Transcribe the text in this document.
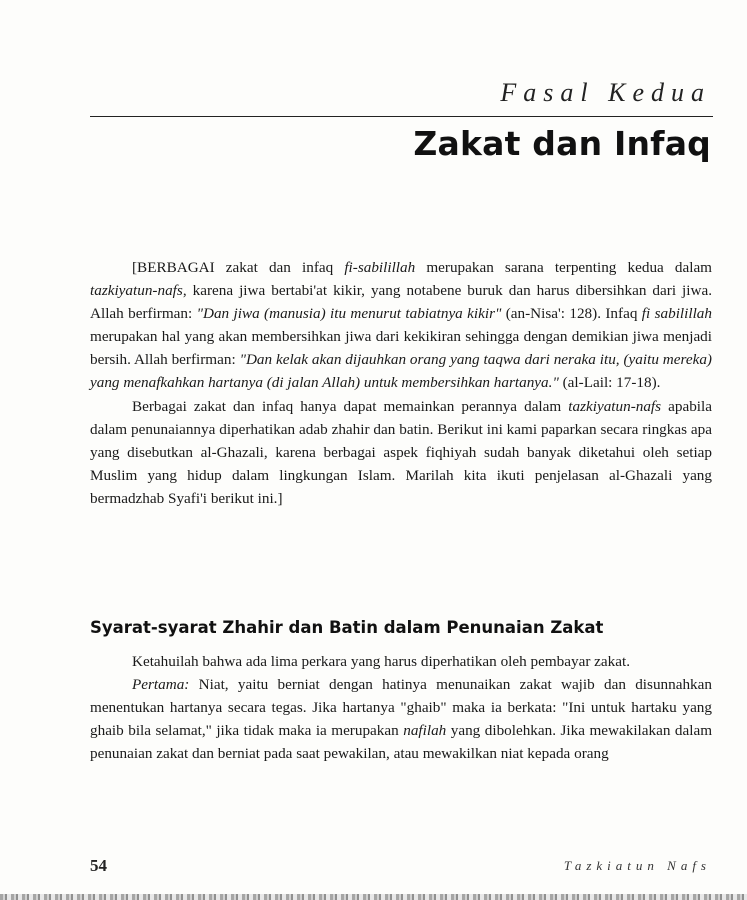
Fasal Kedua
Zakat dan Infaq

[BERBAGAI zakat dan infaq fi-sabilillah merupakan sarana terpenting kedua dalam tazkiyatun-nafs, karena jiwa bertabi'at kikir, yang notabene buruk dan harus dibersihkan dari jiwa. Allah berfirman: "Dan jiwa (manusia) itu menurut tabiatnya kikir" (an-Nisa': 128). Infaq fi sabilillah merupakan hal yang akan membersihkan jiwa dari kekikiran sehingga dengan demikian jiwa menjadi bersih. Allah berfirman: "Dan kelak akan dijauhkan orang yang taqwa dari neraka itu, (yaitu mereka) yang menafkahkan hartanya (di jalan Allah) untuk membersihkan hartanya." (al-Lail: 17-18).

Berbagai zakat dan infaq hanya dapat memainkan perannya dalam tazkiyatun-nafs apabila dalam penunaiannya diperhatikan adab zhahir dan batin. Berikut ini kami paparkan secara ringkas apa yang disebutkan al-Ghazali, karena berbagai aspek fiqhiyah sudah banyak diketahui oleh setiap Muslim yang hidup dalam lingkungan Islam. Marilah kita ikuti penjelasan al-Ghazali yang bermadzhab Syafi'i berikut ini.]

Syarat-syarat Zhahir dan Batin dalam Penunaian Zakat

Ketahuilah bahwa ada lima perkara yang harus diperhatikan oleh pembayar zakat.

Pertama: Niat, yaitu berniat dengan hatinya menunaikan zakat wajib dan disunnahkan menentukan hartanya secara tegas. Jika hartanya "ghaib" maka ia berkata: "Ini untuk hartaku yang ghaib bila selamat," jika tidak maka ia merupakan nafilah yang dibolehkan. Jika mewakilakan dalam penunaian zakat dan berniat pada saat pewakilan, atau mewakilkan niat kepada orang

54	Tazkiatun Nafs
